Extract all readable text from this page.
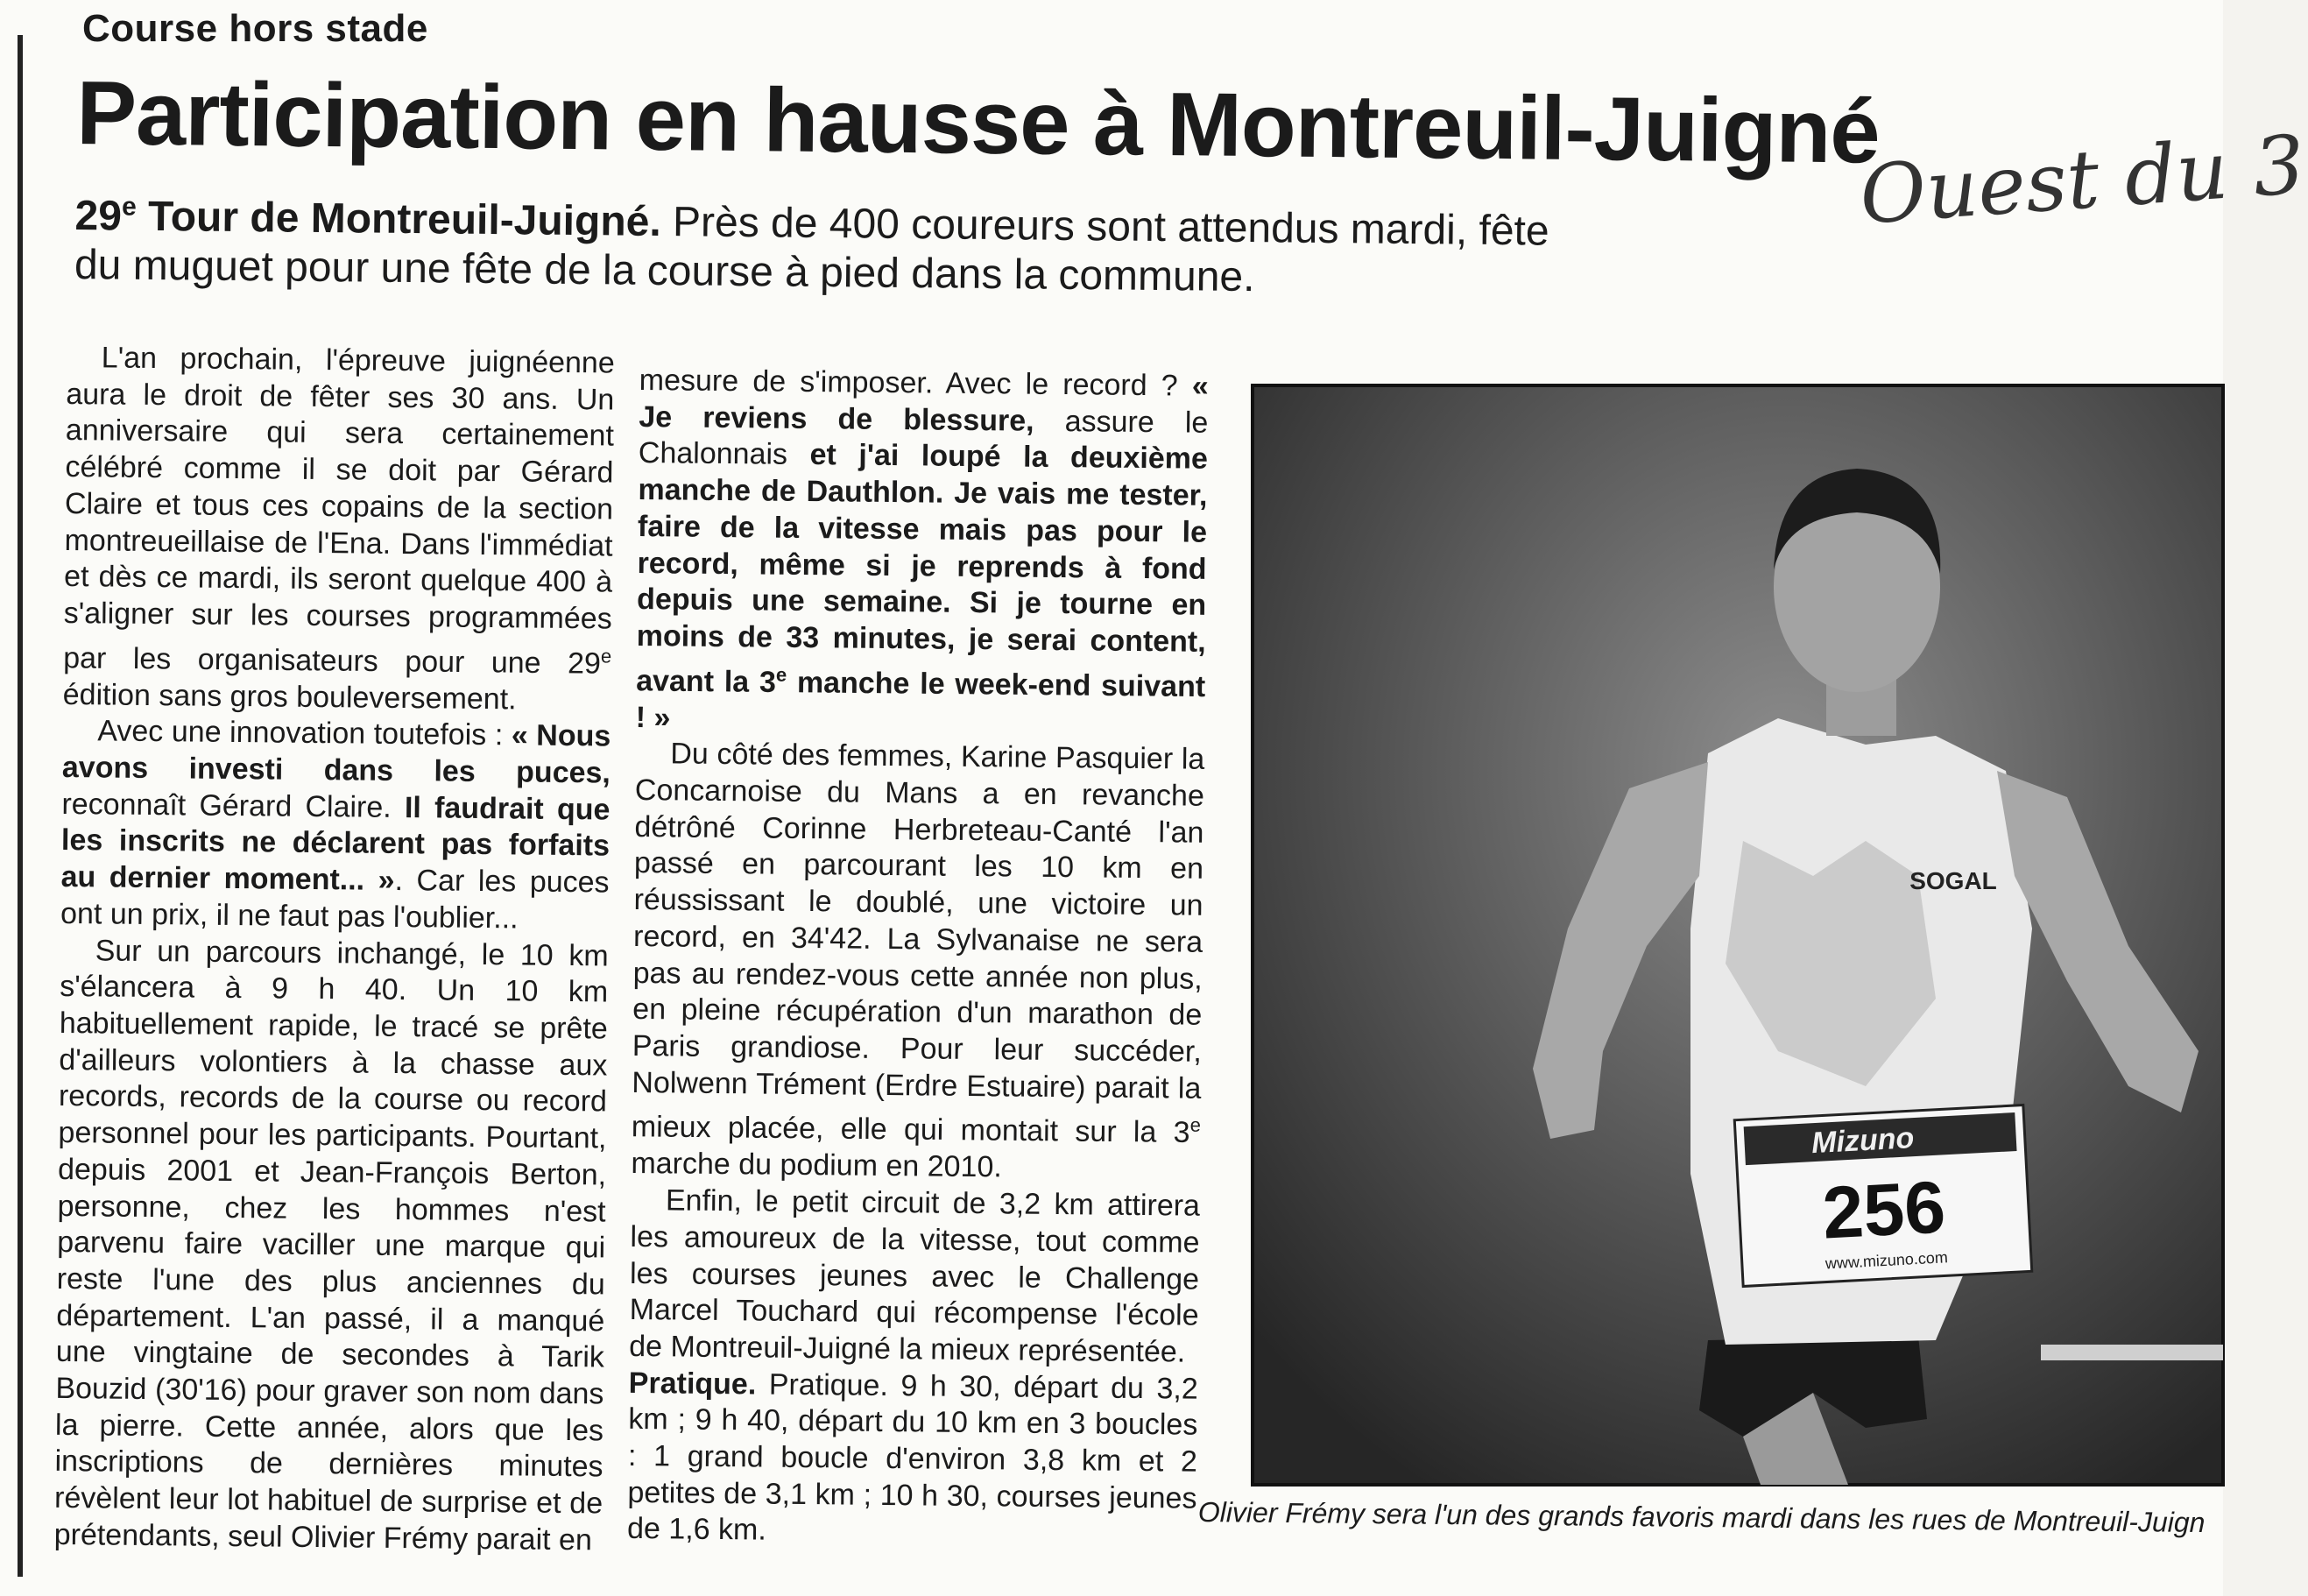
Course hors stade
Participation en hausse à Montreuil-Juigné
Ouest du 3
29e Tour de Montreuil-Juigné. Près de 400 coureurs sont attendus mardi, fête du muguet pour une fête de la course à pied dans la commune.

L'an prochain, l'épreuve juignéenne aura le droit de fêter ses 30 ans. Un anniversaire qui sera certainement célébré comme il se doit par Gérard Claire et tous ces copains de la section montreueillaise de l'Ena. Dans l'immédiat et dès ce mardi, ils seront quelque 400 à s'aligner sur les courses programmées par les organisateurs pour une 29e édition sans gros bouleversement.

Avec une innovation toutefois : « Nous avons investi dans les puces, reconnaît Gérard Claire. Il faudrait que les inscrits ne déclarent pas forfaits au dernier moment... ». Car les puces ont un prix, il ne faut pas l'oublier...

Sur un parcours inchangé, le 10 km s'élancera à 9 h 40. Un 10 km habituellement rapide, le tracé se prête d'ailleurs volontiers à la chasse aux records, records de la course ou record personnel pour les participants. Pourtant, depuis 2001 et Jean-François Berton, personne, chez les hommes n'est parvenu faire vaciller une marque qui reste l'une des plus anciennes du département. L'an passé, il a manqué une vingtaine de secondes à Tarik Bouzid (30'16) pour graver son nom dans la pierre. Cette année, alors que les inscriptions de dernières minutes révèlent leur lot habituel de surprise et de prétendants, seul Olivier Frémy parait en

mesure de s'imposer. Avec le record ? « Je reviens de blessure, assure le Chalonnais et j'ai loupé la deuxième manche de Dauthlon. Je vais me tester, faire de la vitesse mais pas pour le record, même si je reprends à fond depuis une semaine. Si je tourne en moins de 33 minutes, je serai content, avant la 3e manche le week-end suivant ! »

Du côté des femmes, Karine Pasquier la Concarnoise du Mans a en revanche détrôné Corinne Herbreteau-Canté l'an passé en parcourant les 10 km en réussissant le doublé, une victoire un record, en 34'42. La Sylvanaise ne sera pas au rendez-vous cette année non plus, en pleine récupération d'un marathon de Paris grandiose. Pour leur succéder, Nolwenn Trément (Erdre Estuaire) parait la mieux placée, elle qui montait sur la 3e marche du podium en 2010.

Enfin, le petit circuit de 3,2 km attirera les amoureux de la vitesse, tout comme les courses jeunes avec le Challenge Marcel Touchard qui récompense l'école de Montreuil-Juigné la mieux représentée.

Pratique. Pratique. 9 h 30, départ du 3,2 km ; 9 h 40, départ du 10 km en 3 boucles : 1 grand boucle d'environ 3,8 km et 2 petites de 3,1 km ; 10 h 30, courses jeunes de 1,6 km.

Mizuno
256
www.mizuno.com
SOGAL
Olivier Frémy sera l'un des grands favoris mardi dans les rues de Montreuil-Juign
